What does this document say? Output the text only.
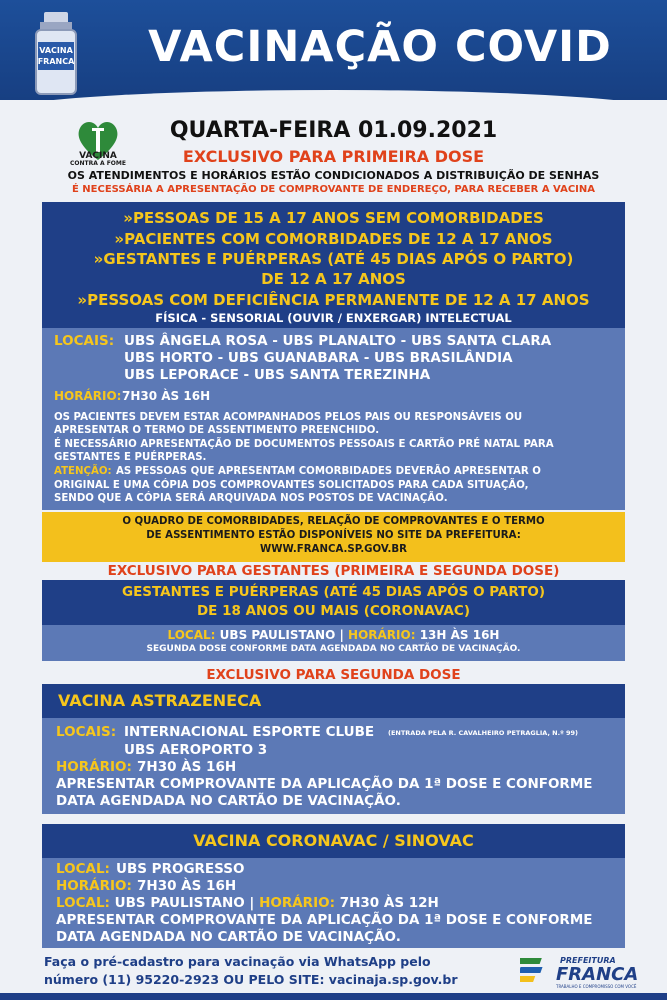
VACINA
FRANCA	VACINAÇÃO COVID
VACINA
CONTRA A FOME
QUARTA-FEIRA 01.09.2021
EXCLUSIVO PARA PRIMEIRA DOSE
OS ATENDIMENTOS E HORÁRIOS ESTÃO CONDICIONADOS A DISTRIBUIÇÃO DE SENHAS
É NECESSÁRIA A APRESENTAÇÃO DE COMPROVANTE DE ENDEREÇO, PARA RECEBER A VACINA
»PESSOAS DE 15 A 17 ANOS SEM COMORBIDADES
»PACIENTES COM COMORBIDADES DE 12 A 17 ANOS
»GESTANTES E PUÉRPERAS (ATÉ 45 DIAS APÓS O PARTO)
DE 12 A 17 ANOS
»PESSOAS COM DEFICIÊNCIA PERMANENTE DE 12 A 17 ANOS
FÍSICA - SENSORIAL (OUVIR / ENXERGAR) INTELECTUAL
LOCAIS: UBS ÂNGELA ROSA - UBS PLANALTO - UBS SANTA CLARA
UBS HORTO - UBS GUANABARA - UBS BRASILÂNDIA
UBS LEPORACE - UBS SANTA TEREZINHA
HORÁRIO: 7H30 ÀS 16H
OS PACIENTES DEVEM ESTAR ACOMPANHADOS PELOS PAIS OU RESPONSÁVEIS OU
APRESENTAR O TERMO DE ASSENTIMENTO PREENCHIDO.
É NECESSÁRIO APRESENTAÇÃO DE DOCUMENTOS PESSOAIS E CARTÃO PRÉ NATAL PARA
GESTANTES E PUÉRPERAS.
ATENÇÃO: AS PESSOAS QUE APRESENTAM COMORBIDADES DEVERÃO APRESENTAR O
ORIGINAL E UMA CÓPIA DOS COMPROVANTES SOLICITADOS PARA CADA SITUAÇÃO,
SENDO QUE A CÓPIA SERÁ ARQUIVADA NOS POSTOS DE VACINAÇÃO.
O QUADRO DE COMORBIDADES, RELAÇÃO DE COMPROVANTES E O TERMO
DE ASSENTIMENTO ESTÃO DISPONÍVEIS NO SITE DA PREFEITURA:
WWW.FRANCA.SP.GOV.BR
EXCLUSIVO PARA GESTANTES (PRIMEIRA E SEGUNDA DOSE)
GESTANTES E PUÉRPERAS (ATÉ 45 DIAS APÓS O PARTO)
DE 18 ANOS OU MAIS (CORONAVAC)
LOCAL: UBS PAULISTANO | HORÁRIO: 13H ÀS 16H
SEGUNDA DOSE CONFORME DATA AGENDADA NO CARTÃO DE VACINAÇÃO.
EXCLUSIVO PARA SEGUNDA DOSE
VACINA ASTRAZENECA
LOCAIS: INTERNACIONAL ESPORTE CLUBE (ENTRADA PELA R. CAVALHEIRO PETRAGLIA, N.º 99)
UBS AEROPORTO 3
HORÁRIO: 7H30 ÀS 16H
APRESENTAR COMPROVANTE DA APLICAÇÃO DA 1ª DOSE E CONFORME
DATA AGENDADA NO CARTÃO DE VACINAÇÃO.
VACINA CORONAVAC / SINOVAC
LOCAL: UBS PROGRESSO
HORÁRIO: 7H30 ÀS 16H
LOCAL: UBS PAULISTANO | HORÁRIO: 7H30 ÀS 12H
APRESENTAR COMPROVANTE DA APLICAÇÃO DA 1ª DOSE E CONFORME
DATA AGENDADA NO CARTÃO DE VACINAÇÃO.
Faça o pré-cadastro para vacinação via WhatsApp pelo
número (11) 95220-2923 OU PELO SITE: vacinaja.sp.gov.br
PREFEITURA
FRANCA
TRABALHO E COMPROMISSO COM VOCÊ
